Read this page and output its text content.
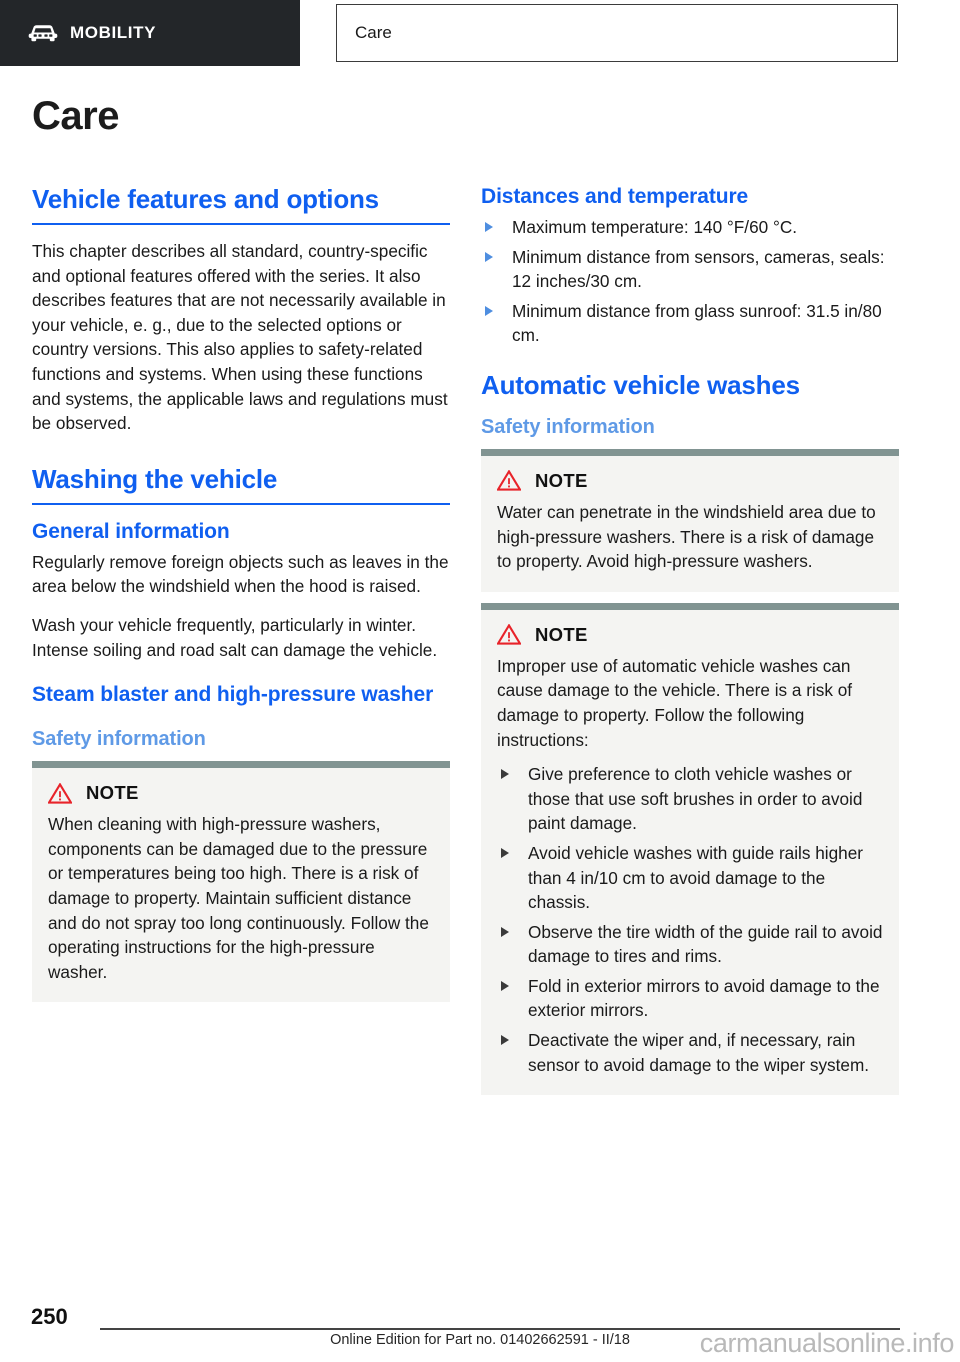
MOBILITY	Care
Care
Vehicle features and options

This chapter describes all standard, country-specific and optional features offered with the series. It also describes features that are not necessarily available in your vehicle, e. g., due to the selected options or country versions. This also applies to safety-related functions and systems. When using these functions and systems, the applicable laws and regulations must be observed.

Washing the vehicle
General information

Regularly remove foreign objects such as leaves in the area below the windshield when the hood is raised.

Wash your vehicle frequently, particularly in winter. Intense soiling and road salt can damage the vehicle.

Steam blaster and high-pressure washer
Safety information
NOTE

When cleaning with high-pressure washers, components can be damaged due to the pressure or temperatures being too high. There is a risk of damage to property. Maintain sufficient distance and do not spray too long continuously. Follow the operating instructions for the high-pressure washer.

Distances and temperature
Maximum temperature: 140 °F/60 °C.
Minimum distance from sensors, cameras, seals: 12 inches/30 cm.
Minimum distance from glass sunroof: 31.5 in/80 cm.
Automatic vehicle washes
Safety information
NOTE

Water can penetrate in the windshield area due to high-pressure washers. There is a risk of damage to property. Avoid high-pressure washers.

NOTE

Improper use of automatic vehicle washes can cause damage to the vehicle. There is a risk of damage to property. Follow the following instructions:

Give preference to cloth vehicle washes or those that use soft brushes in order to avoid paint damage.
Avoid vehicle washes with guide rails higher than 4 in/10 cm to avoid damage to the chassis.
Observe the tire width of the guide rail to avoid damage to tires and rims.
Fold in exterior mirrors to avoid damage to the exterior mirrors.
Deactivate the wiper and, if necessary, rain sensor to avoid damage to the wiper system.
250
Online Edition for Part no. 01402662591 - II/18	carmanualsonline.info
